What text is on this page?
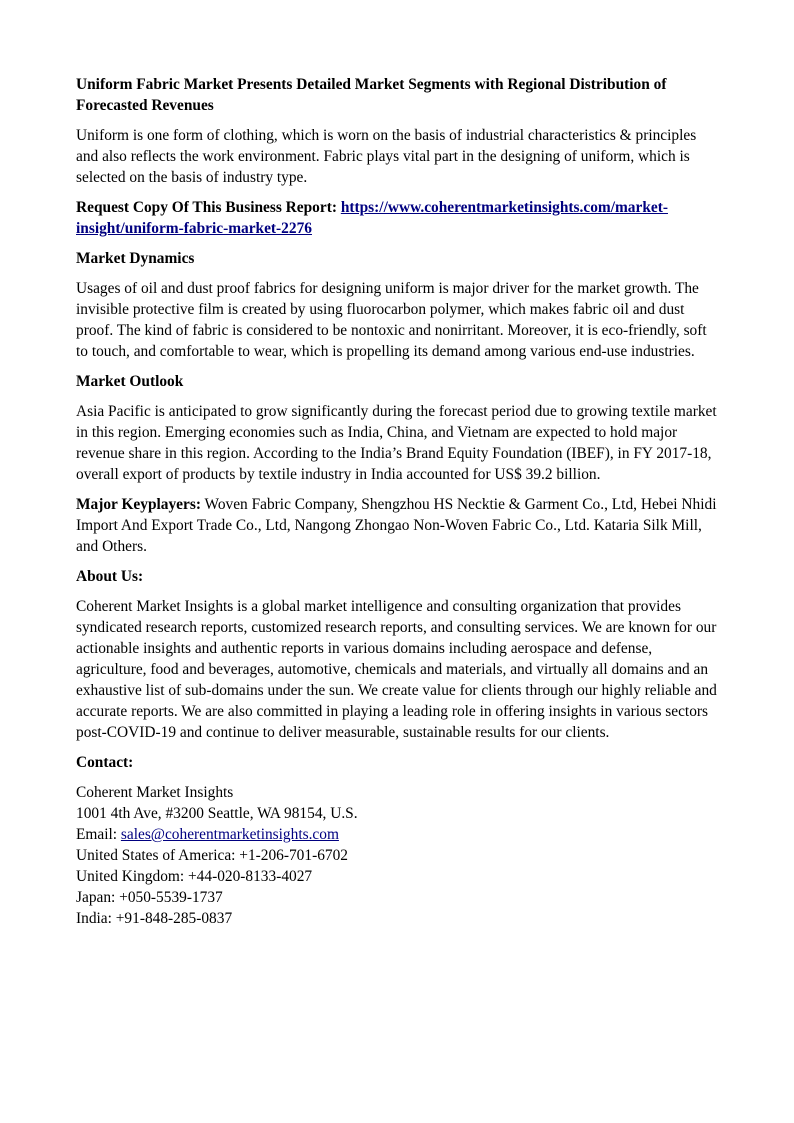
Uniform Fabric Market Presents Detailed Market Segments with Regional Distribution of Forecasted Revenues

Uniform is one form of clothing, which is worn on the basis of industrial characteristics & principles and also reflects the work environment. Fabric plays vital part in the designing of uniform, which is selected on the basis of industry type.

Request Copy Of This Business Report: https://www.coherentmarketinsights.com/market-insight/uniform-fabric-market-2276

Market Dynamics

Usages of oil and dust proof fabrics for designing uniform is major driver for the market growth. The invisible protective film is created by using fluorocarbon polymer, which makes fabric oil and dust proof. The kind of fabric is considered to be nontoxic and nonirritant. Moreover, it is eco-friendly, soft to touch, and comfortable to wear, which is propelling its demand among various end-use industries.

Market Outlook

Asia Pacific is anticipated to grow significantly during the forecast period due to growing textile market in this region. Emerging economies such as India, China, and Vietnam are expected to hold major revenue share in this region. According to the India’s Brand Equity Foundation (IBEF), in FY 2017-18, overall export of products by textile industry in India accounted for US$ 39.2 billion.

Major Keyplayers: Woven Fabric Company, Shengzhou HS Necktie & Garment Co., Ltd, Hebei Nhidi Import And Export Trade Co., Ltd, Nangong Zhongao Non-Woven Fabric Co., Ltd. Kataria Silk Mill, and Others.

About Us:

Coherent Market Insights is a global market intelligence and consulting organization that provides syndicated research reports, customized research reports, and consulting services. We are known for our actionable insights and authentic reports in various domains including aerospace and defense, agriculture, food and beverages, automotive, chemicals and materials, and virtually all domains and an exhaustive list of sub-domains under the sun. We create value for clients through our highly reliable and accurate reports. We are also committed in playing a leading role in offering insights in various sectors post-COVID-19 and continue to deliver measurable, sustainable results for our clients.

Contact:

Coherent Market Insights
1001 4th Ave, #3200 Seattle, WA 98154, U.S.
Email: sales@coherentmarketinsights.com
United States of America: +1-206-701-6702
United Kingdom: +44-020-8133-4027
Japan: +050-5539-1737
India: +91-848-285-0837
